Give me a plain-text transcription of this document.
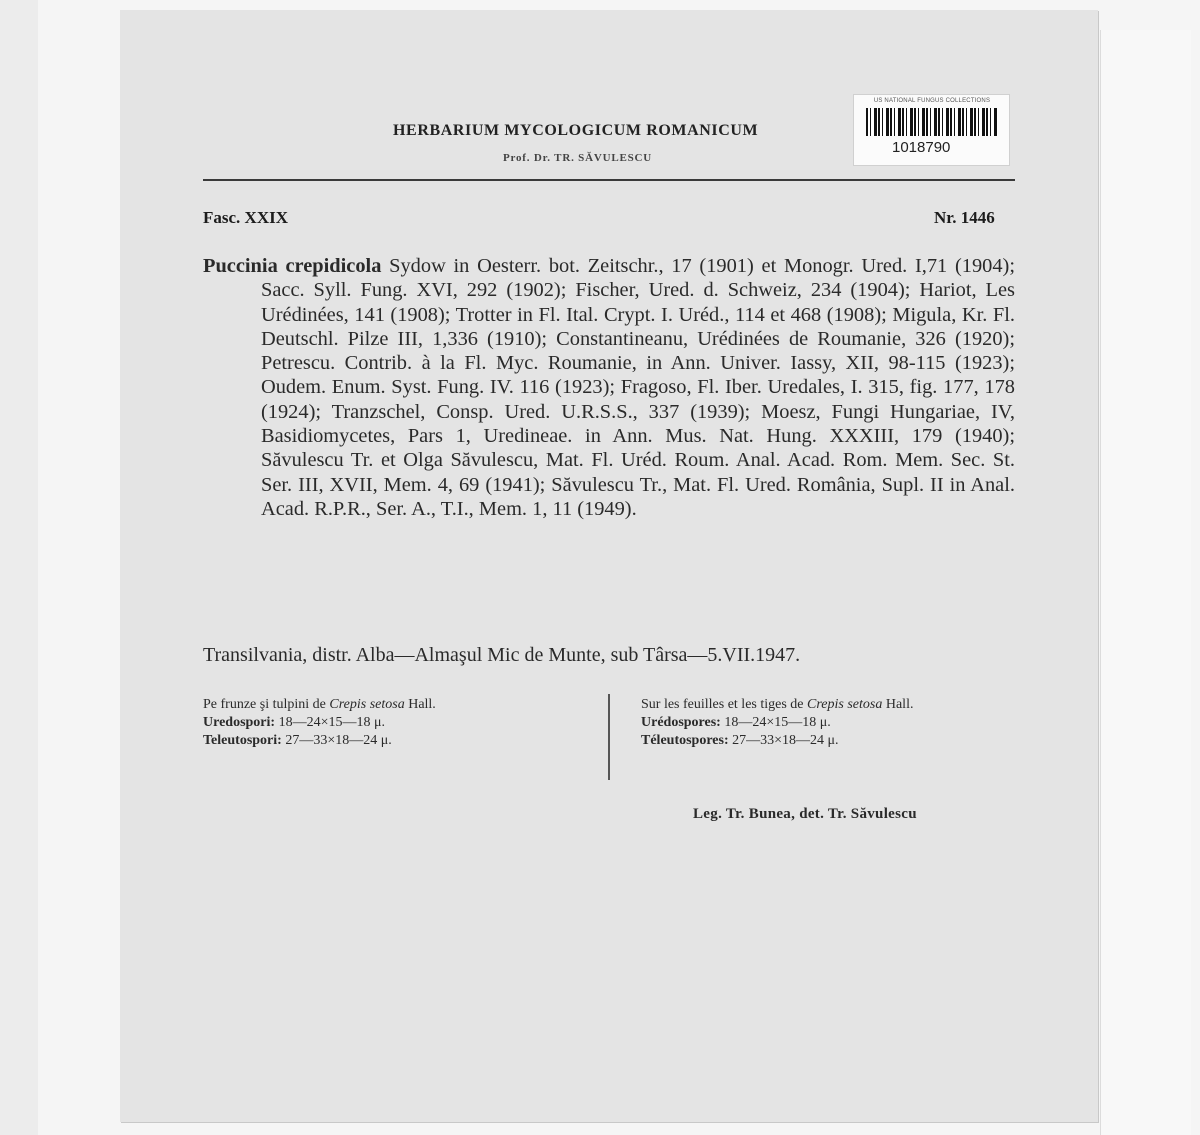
HERBARIUM MYCOLOGICUM ROMANICUM
Prof. Dr. TR. SĂVULESCU
US NATIONAL FUNGUS COLLECTIONS
1018790
Fasc. XXIX	Nr. 1446
Puccinia crepidicola Sydow in Oesterr. bot. Zeitschr., 17 (1901) et Monogr. Ured. I,71 (1904); Sacc. Syll. Fung. XVI, 292 (1902); Fischer, Ured. d. Schweiz, 234 (1904); Hariot, Les Urédinées, 141 (1908); Trotter in Fl. Ital. Crypt. I. Uréd., 114 et 468 (1908); Migula, Kr. Fl. Deutschl. Pilze III, 1,336 (1910); Constantineanu, Urédinées de Roumanie, 326 (1920); Petrescu. Contrib. à la Fl. Myc. Roumanie, in Ann. Univer. Iassy, XII, 98-115 (1923); Oudem. Enum. Syst. Fung. IV. 116 (1923); Fragoso, Fl. Iber. Uredales, I. 315, fig. 177, 178 (1924); Tranzschel, Consp. Ured. U.R.S.S., 337 (1939); Moesz, Fungi Hungariae, IV, Basidiomycetes, Pars 1, Uredineae. in Ann. Mus. Nat. Hung. XXXIII, 179 (1940); Săvulescu Tr. et Olga Săvulescu, Mat. Fl. Uréd. Roum. Anal. Acad. Rom. Mem. Sec. St. Ser. III, XVII, Mem. 4, 69 (1941); Săvulescu Tr., Mat. Fl. Ured. România, Supl. II in Anal. Acad. R.P.R., Ser. A., T.I., Mem. 1, 11 (1949).
Transilvania, distr. Alba—Almaşul Mic de Munte, sub Târsa—5.VII.1947.
Pe frunze şi tulpini de Crepis setosa Hall.
Uredospori: 18—24×15—18 μ.
Teleutospori: 27—33×18—24 μ.
Sur les feuilles et les tiges de Crepis setosa Hall.
Urédospores: 18—24×15—18 μ.
Téleutospores: 27—33×18—24 μ.
Leg. Tr. Bunea, det. Tr. Săvulescu
